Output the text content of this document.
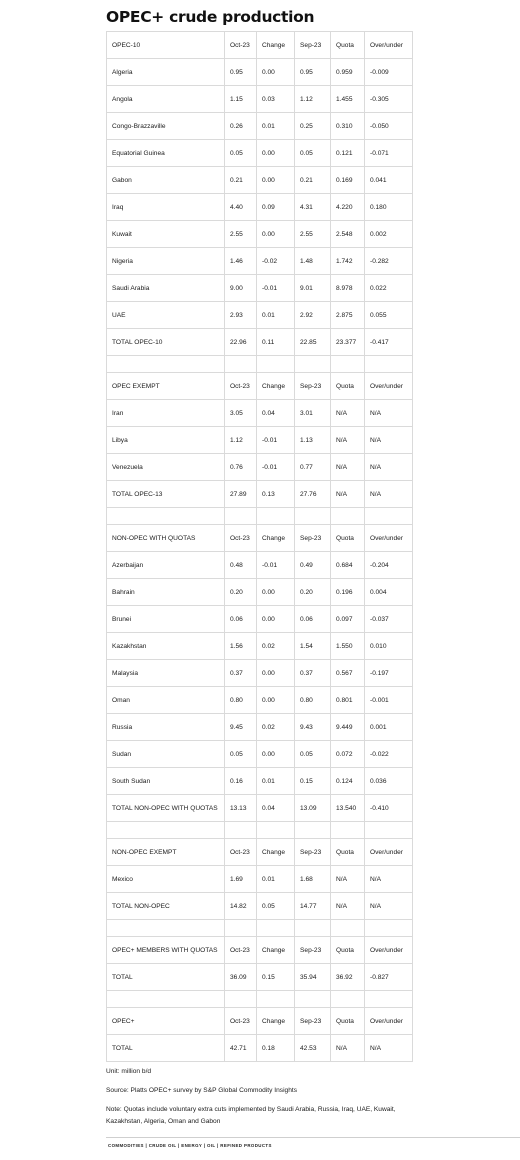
OPEC+ crude production
OPEC-10	Oct-23	Change	Sep-23	Quota	Over/under
Algeria	0.95	0.00	0.95	0.959	-0.009
Angola	1.15	0.03	1.12	1.455	-0.305
Congo-Brazzaville	0.26	0.01	0.25	0.310	-0.050
Equatorial Guinea	0.05	0.00	0.05	0.121	-0.071
Gabon	0.21	0.00	0.21	0.169	0.041
Iraq	4.40	0.09	4.31	4.220	0.180
Kuwait	2.55	0.00	2.55	2.548	0.002
Nigeria	1.46	-0.02	1.48	1.742	-0.282
Saudi Arabia	9.00	-0.01	9.01	8.978	0.022
UAE	2.93	0.01	2.92	2.875	0.055
TOTAL OPEC-10	22.96	0.11	22.85	23.377	-0.417

OPEC EXEMPT	Oct-23	Change	Sep-23	Quota	Over/under
Iran	3.05	0.04	3.01	N/A	N/A
Libya	1.12	-0.01	1.13	N/A	N/A
Venezuela	0.76	-0.01	0.77	N/A	N/A
TOTAL OPEC-13	27.89	0.13	27.76	N/A	N/A

NON-OPEC WITH QUOTAS	Oct-23	Change	Sep-23	Quota	Over/under
Azerbaijan	0.48	-0.01	0.49	0.684	-0.204
Bahrain	0.20	0.00	0.20	0.196	0.004
Brunei	0.06	0.00	0.06	0.097	-0.037
Kazakhstan	1.56	0.02	1.54	1.550	0.010
Malaysia	0.37	0.00	0.37	0.567	-0.197
Oman	0.80	0.00	0.80	0.801	-0.001
Russia	9.45	0.02	9.43	9.449	0.001
Sudan	0.05	0.00	0.05	0.072	-0.022
South Sudan	0.16	0.01	0.15	0.124	0.036
TOTAL NON-OPEC WITH QUOTAS	13.13	0.04	13.09	13.540	-0.410

NON-OPEC EXEMPT	Oct-23	Change	Sep-23	Quota	Over/under
Mexico	1.69	0.01	1.68	N/A	N/A
TOTAL NON-OPEC	14.82	0.05	14.77	N/A	N/A

OPEC+ MEMBERS WITH QUOTAS	Oct-23	Change	Sep-23	Quota	Over/under
TOTAL	36.09	0.15	35.94	36.92	-0.827

OPEC+	Oct-23	Change	Sep-23	Quota	Over/under
TOTAL	42.71	0.18	42.53	N/A	N/A
Unit: million b/d
Source: Platts OPEC+ survey by S&P Global Commodity Insights
Note: Quotas include voluntary extra cuts implemented by Saudi Arabia, Russia, Iraq, UAE, Kuwait, Kazakhstan, Algeria, Oman and Gabon
COMMODITIES | CRUDE OIL | ENERGY | OIL | REFINED PRODUCTS
